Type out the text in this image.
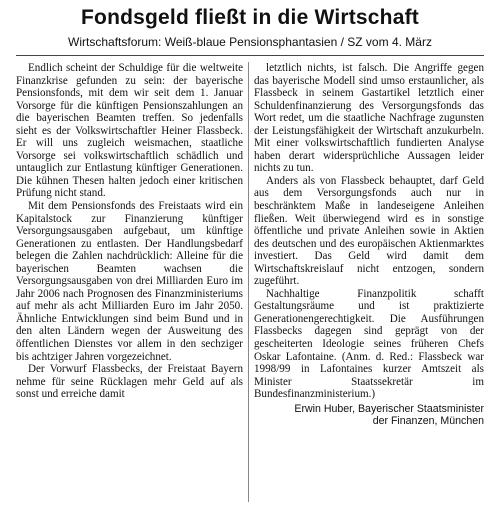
Fondsgeld fließt in die Wirtschaft
Wirtschaftsforum: Weiß-blaue Pensionsphantasien / SZ vom 4. März

Endlich scheint der Schuldige für die weltweite Finanzkrise gefunden zu sein: der bayerische Pensionsfonds, mit dem wir seit dem 1. Januar Vorsorge für die künftigen Pensionszahlungen an die bayerischen Beamten treffen. So jedenfalls sieht es der Volkswirtschaftler Heiner Flassbeck. Er will uns zugleich weismachen, staatliche Vorsorge sei volkswirtschaftlich schädlich und untauglich zur Entlastung künftiger Generationen. Die kühnen Thesen halten jedoch einer kritischen Prüfung nicht stand.

Mit dem Pensionsfonds des Freistaats wird ein Kapitalstock zur Finanzierung künftiger Versorgungsausgaben aufgebaut, um künftige Generationen zu entlasten. Der Handlungsbedarf belegen die Zahlen nachdrücklich: Alleine für die bayerischen Beamten wachsen die Versorgungsausgaben von drei Milliarden Euro im Jahr 2006 nach Prognosen des Finanzministeriums auf mehr als acht Milliarden Euro im Jahr 2050. Ähnliche Entwicklungen sind beim Bund und in den alten Ländern wegen der Ausweitung des öffentlichen Dienstes vor allem in den sechziger bis achtziger Jahren vorgezeichnet.

Der Vorwurf Flassbecks, der Freistaat Bayern nehme für seine Rücklagen mehr Geld auf als sonst und erreiche damit

letztlich nichts, ist falsch. Die Angriffe gegen das bayerische Modell sind umso erstaunlicher, als Flassbeck in seinem Gastartikel letztlich einer Schuldenfinanzierung des Versorgungsfonds das Wort redet, um die staatliche Nachfrage zugunsten der Leistungsfähigkeit der Wirtschaft anzukurbeln. Mit einer volkswirtschaftlich fundierten Analyse haben derart widersprüchliche Aussagen leider nichts zu tun.

Anders als von Flassbeck behauptet, darf Geld aus dem Versorgungsfonds auch nur in beschränktem Maße in landeseigene Anleihen fließen. Weit überwiegend wird es in sonstige öffentliche und private Anleihen sowie in Aktien des deutschen und des europäischen Aktienmarktes investiert. Das Geld wird damit dem Wirtschaftskreislauf nicht entzogen, sondern zugeführt.

Nachhaltige Finanzpolitik schafft Gestaltungsräume und ist praktizierte Generationengerechtigkeit. Die Ausführungen Flassbecks dagegen sind geprägt von der gescheiterten Ideologie seines früheren Chefs Oskar Lafontaine. (Anm. d. Red.: Flassbeck war 1998/99 in Lafontaines kurzer Amtszeit als Minister Staatssekretär im Bundesfinanzministerium.)

Erwin Huber, Bayerischer Staatsminister
der Finanzen, München
